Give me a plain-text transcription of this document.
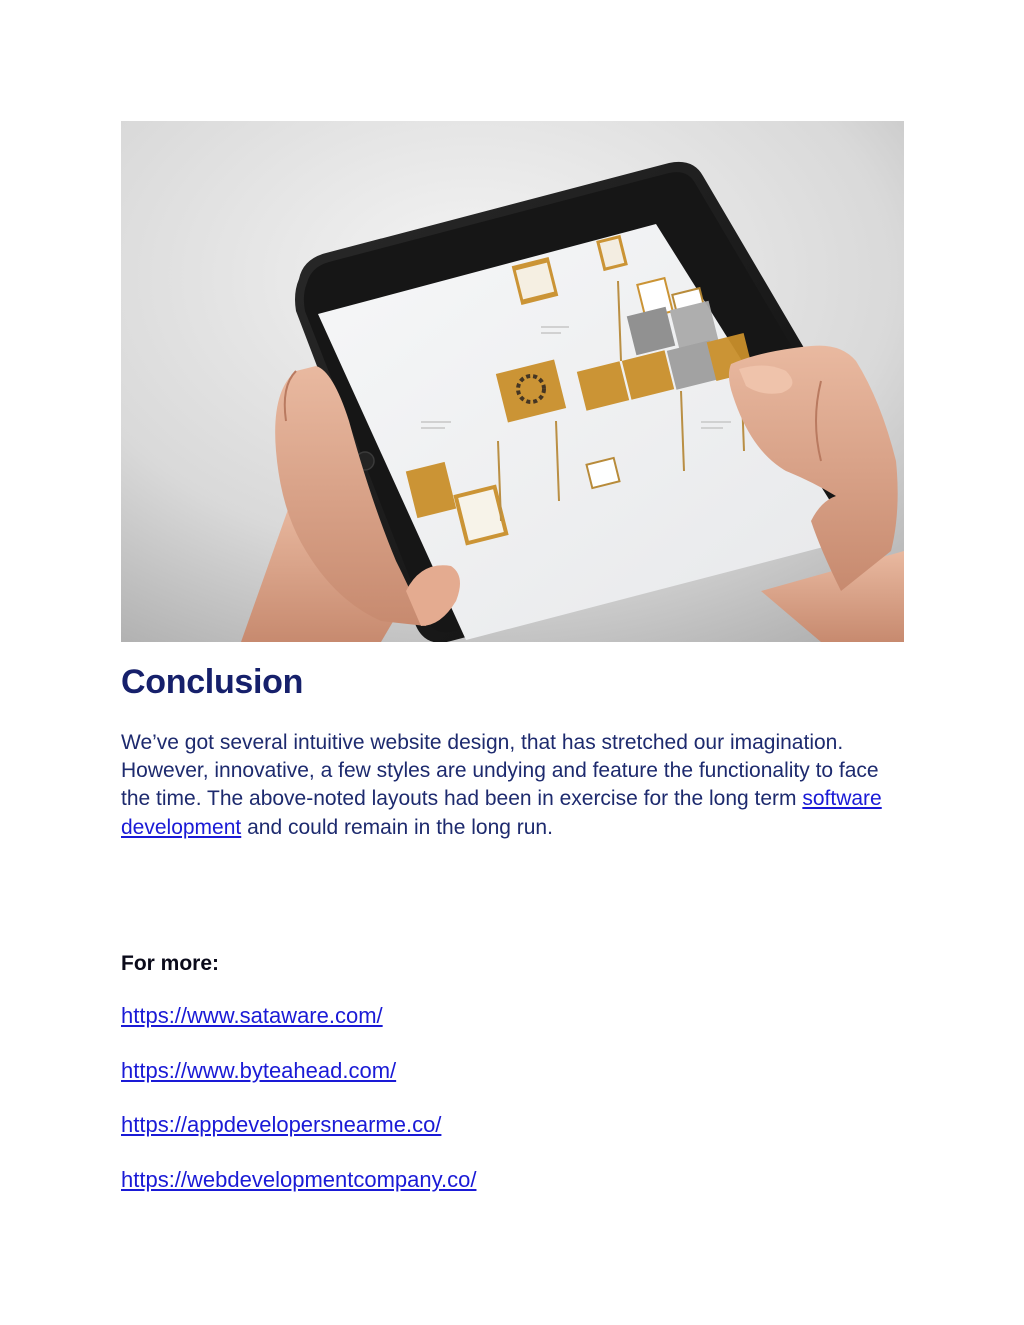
Conclusion

We’ve got several intuitive website design, that has stretched our imagination. However, innovative, a few styles are undying and feature the functionality to face the time. The above-noted layouts had been in exercise for the long term software development and could remain in the long run.

For more:

https://www.sataware.com/
https://www.byteahead.com/
https://appdevelopersnearme.co/
https://webdevelopmentcompany.co/
